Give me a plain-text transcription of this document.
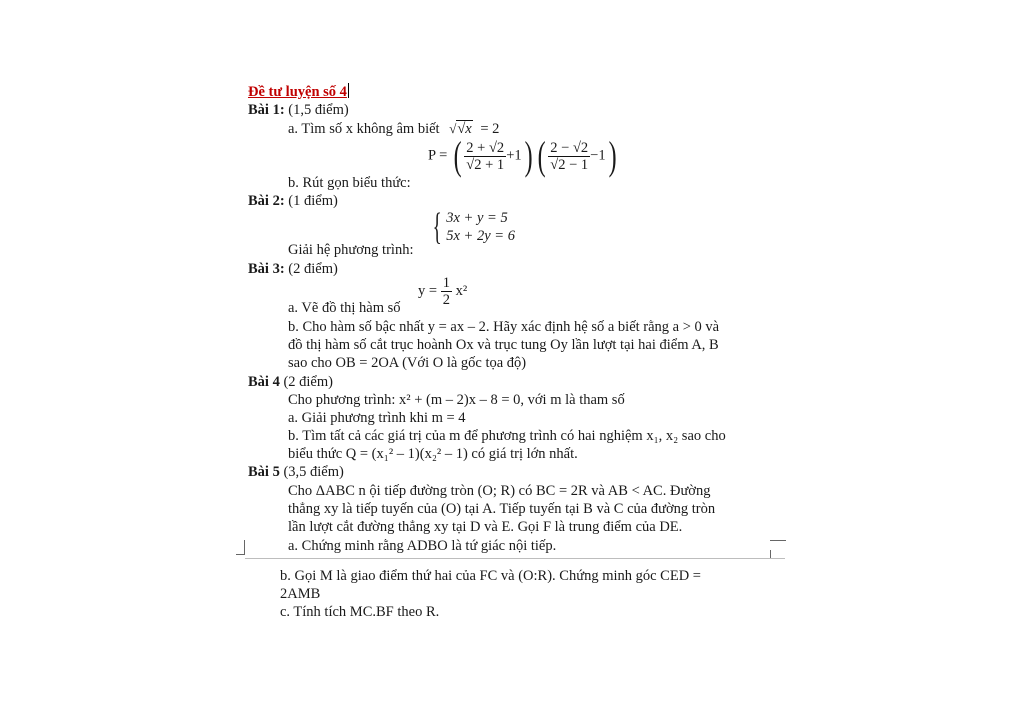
Đề tư luyện số 4
Bài 1: (1,5 điểm)
a. Tìm số x không âm biết √√x = 2
P = ( $\frac{2 + √2}{√2 + 1} +1$) ( $\frac{2 - √2}{√2 - 1} -1$)
b. Rút gọn biểu thức:
Bài 2: (1 điểm)
{ 3x + y = 5
5x + 2y = 6
Giải hệ phương trình:
Bài 3: (2 điểm)
a. Vẽ đồ thị hàm số
$y = \frac{1}{2} x^2$
b. Cho hàm số bậc nhất y = ax – 2. Hãy xác định hệ số a biết rằng a > 0 và
đồ thị hàm số cắt trục hoành Ox và trục tung Oy lần lượt tại hai điểm A, B
sao cho OB = 2OA (Với O là gốc tọa độ)
Bài 4 (2 điểm)
Cho phương trình: x² + (m – 2)x – 8 = 0, với m là tham số
a. Giải phương trình khi m = 4
b. Tìm tất cả các giá trị của m để phương trình có hai nghiệm x₁, x₂ sao cho
biểu thức Q = (x₁² – 1)(x₂² – 1) có giá trị lớn nhất.
Bài 5 (3,5 điểm)
Cho ΔABC n ội tiếp đường tròn (O; R) có BC = 2R và AB < AC. Đường
thẳng xy là tiếp tuyến của (O) tại A. Tiếp tuyến tại B và C của đường tròn
lần lượt cắt đường thẳng xy tại D và E. Gọi F là trung điểm của DE.
a. Chứng minh rằng ADBO là tứ giác nội tiếp.
b. Gọi M là giao điểm thứ hai của FC và (O:R). Chứng minh góc CED =
2AMB
c. Tính tích MC.BF theo R.
